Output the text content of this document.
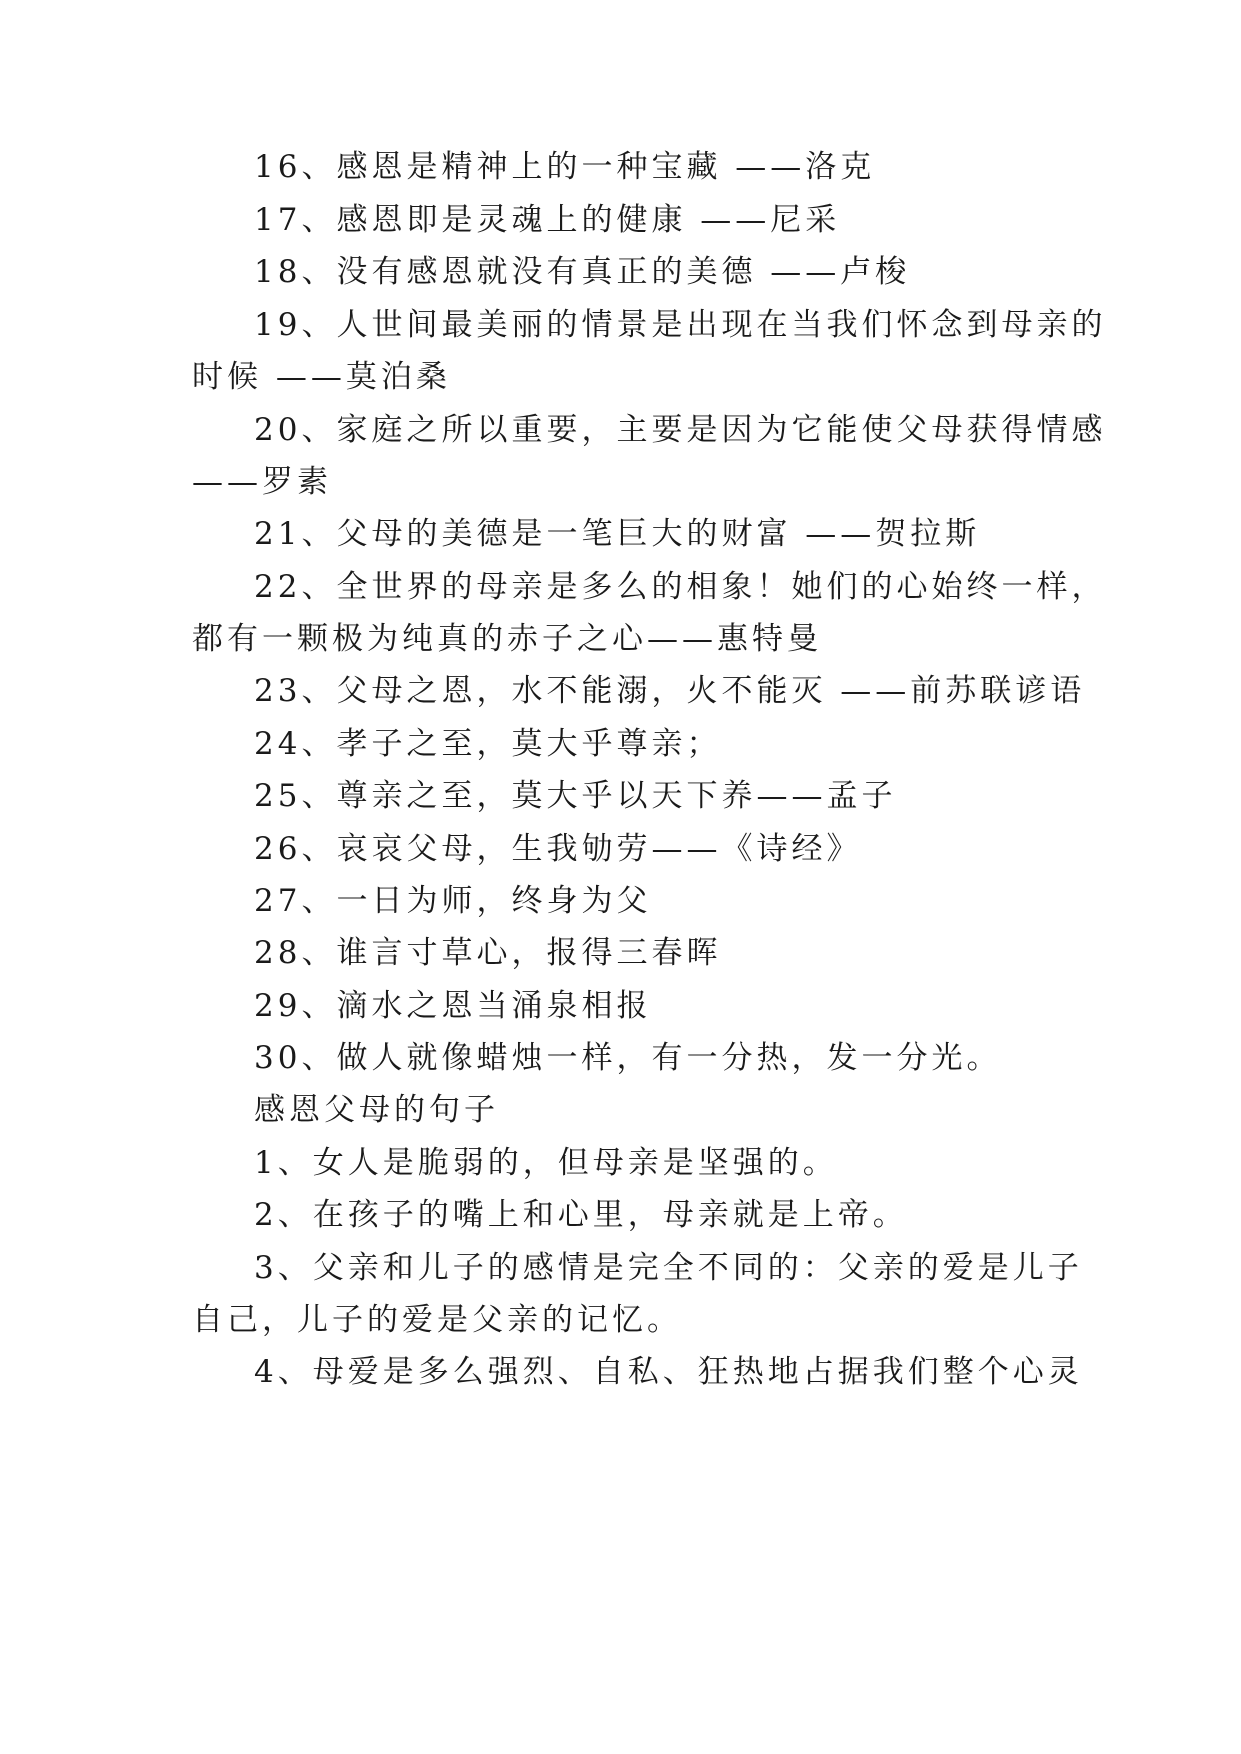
16、感恩是精神上的一种宝藏 ——洛克
17、感恩即是灵魂上的健康 ——尼采
18、没有感恩就没有真正的美德 ——卢梭
19、人世间最美丽的情景是出现在当我们怀念到母亲的
时候 ——莫泊桑
20、家庭之所以重要，主要是因为它能使父母获得情感
——罗素
21、父母的美德是一笔巨大的财富 ——贺拉斯
22、全世界的母亲是多么的相象！她们的心始终一样，
都有一颗极为纯真的赤子之心——惠特曼
23、父母之恩，水不能溺，火不能灭 ——前苏联谚语
24、孝子之至，莫大乎尊亲；
25、尊亲之至，莫大乎以天下养——孟子
26、哀哀父母，生我劬劳——《诗经》
27、一日为师，终身为父
28、谁言寸草心，报得三春晖
29、滴水之恩当涌泉相报
30、做人就像蜡烛一样，有一分热，发一分光。
感恩父母的句子
1、女人是脆弱的，但母亲是坚强的。
2、在孩子的嘴上和心里，母亲就是上帝。
3、父亲和儿子的感情是完全不同的：父亲的爱是儿子
自己，儿子的爱是父亲的记忆。
4、母爱是多么强烈、自私、狂热地占据我们整个心灵
